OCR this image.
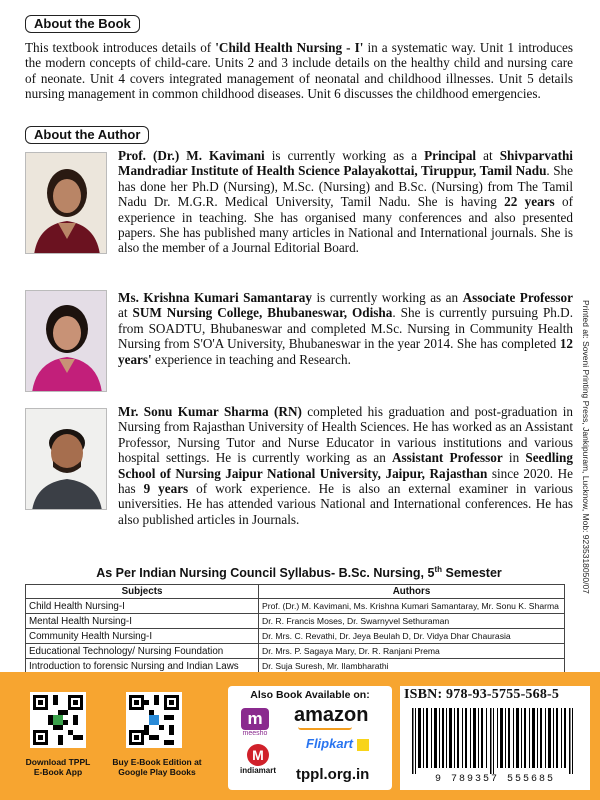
About the Book

This textbook introduces details of 'Child Health Nursing - I' in a systematic way. Unit 1 introduces the modern concepts of child-care. Units 2 and 3 include details on the healthy child and nursing care of neonate. Unit 4 covers integrated management of neonatal and childhood illnesses. Unit 5 details nursing management in common childhood diseases. Unit 6 discusses the childhood emergencies.

About the Author

Prof. (Dr.) M. Kavimani is currently working as a Principal at Shivparvathi Mandradiar Institute of Health Science Palayakottai, Tiruppur, Tamil Nadu. She has done her Ph.D (Nursing), M.Sc. (Nursing) and B.Sc. (Nursing) from The Tamil Nadu Dr. M.G.R. Medical University, Tamil Nadu. She is having 22 years of experience in teaching. She has organised many conferences and also presented papers. She has published many articles in National and International journals. She is also the member of a Journal Editorial Board.

Ms. Krishna Kumari Samantaray is currently working as an Associate Professor at SUM Nursing College, Bhubaneswar, Odisha. She is currently pursuing Ph.D. from SOADTU, Bhubaneswar and completed M.Sc. Nursing in Community Health Nursing from S'O'A University, Bhubaneswar in the year 2014. She has completed 12 years' experience in teaching and Research.

Mr. Sonu Kumar Sharma (RN) completed his graduation and post-graduation in Nursing from Rajasthan University of Health Sciences. He has worked as an Assistant Professor, Nursing Tutor and Nurse Educator in various institutions and various hospital settings. He is currently working as an Assistant Professor in Seedling School of Nursing Jaipur National University, Jaipur, Rajasthan since 2020. He has 9 years of work experience. He is also an external examiner in various universities. He has attended various National and International conferences. He has also published articles in Journals.	Printed at: Soveni Printing Press, Jankipuram, Lucknow, Mob: 9235318050/07
As Per Indian Nursing Council Syllabus- B.Sc. Nursing, 5th Semester
Subjects	Authors
Child Health Nursing-I	Prof. (Dr.) M. Kavimani, Ms. Krishna Kumari Samantaray, Mr. Sonu K. Sharma
Mental Health Nursing-I	Dr. R. Francis Moses, Dr. Swarnyvel Sethuraman
Community Health Nursing-I	Dr. Mrs. C. Revathi, Dr. Jeya Beulah D, Dr. Vidya Dhar Chaurasia
Educational Technology/ Nursing Foundation	Dr. Mrs. P. Sagaya Mary, Dr. R. Ranjani Prema
Introduction to forensic Nursing and Indian Laws	Dr. Suja Suresh, Mr. Ilambharathi
Download TPPL
E-Book App
Buy E-Book Edition at
Google Play Books
Also Book Available on:
m
meesho
amazon
Flipkart
M
indiamart	tppl.org.in
ISBN: 978-93-5755-568-5
9 789357 555685
